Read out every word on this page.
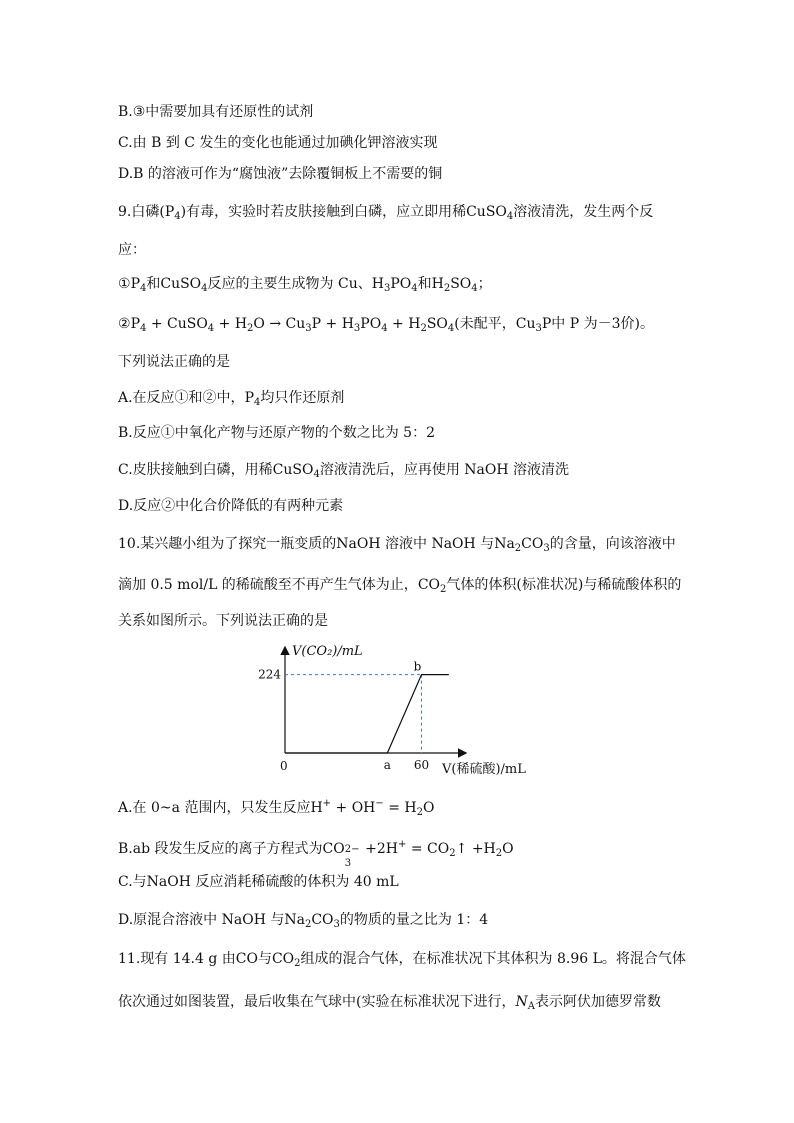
B.③中需要加具有还原性的试剂
C.由 B 到 C 发生的变化也能通过加碘化钾溶液实现
D.B 的溶液可作为“腐蚀液”去除覆铜板上不需要的铜
9.白磷$(P_4)$有毒，实验时若皮肤接触到白磷，应立即用稀CuSO$_4$溶液清洗，发生两个反
应：
$①P_4$和CuSO$_4$反应的主要生成物为 Cu、$H_3PO_4$和$H_2SO_4$；
$②P_4$ + CuSO$_4$ + $H_2O \to Cu_3P + H_3PO_4 + H_2SO_4$(未配平，$Cu_3P$中 P 为－3价)。
下列说法正确的是
A.在反应①和②中，$P_4$均只作还原剂
B.反应①中氧化产物与还原产物的个数之比为 5：2
C.皮肤接触到白磷，用稀CuSO$_4$溶液清洗后，应再使用 NaOH 溶液清洗
D.反应②中化合价降低的有两种元素
10.某兴趣小组为了探究一瓶变质的NaOH 溶液中 NaOH 与$Na_2CO_3$的含量，向该溶液中
滴加 0.5 mol/L 的稀硫酸至不再产生气体为止，$CO_2$气体的体积(标准状况)与稀硫酸体积的
关系如图所示。下列说法正确的是
V(CO₂)/mL
V(稀硫酸)/mL
0
224
a 60
b
A.在 0~a 范围内，只发生反应$H^+ + OH^- = H_2O$
B.ab 段发生反应的离子方程式为CO 2−
3
$+2H^+ = CO_2↑ +H_2O$
C.与NaOH 反应消耗稀硫酸的体积为 40 mL
D.原混合溶液中 NaOH 与$Na_2CO_3$的物质的量之比为 1：4
11.现有 14.4 g 由CO与$CO_2$组成的混合气体，在标准状况下其体积为 8.96 L。将混合气体
依次通过如图装置，最后收集在气球中(实验在标准状况下进行，$N_A$表示阿伏加德罗常数
